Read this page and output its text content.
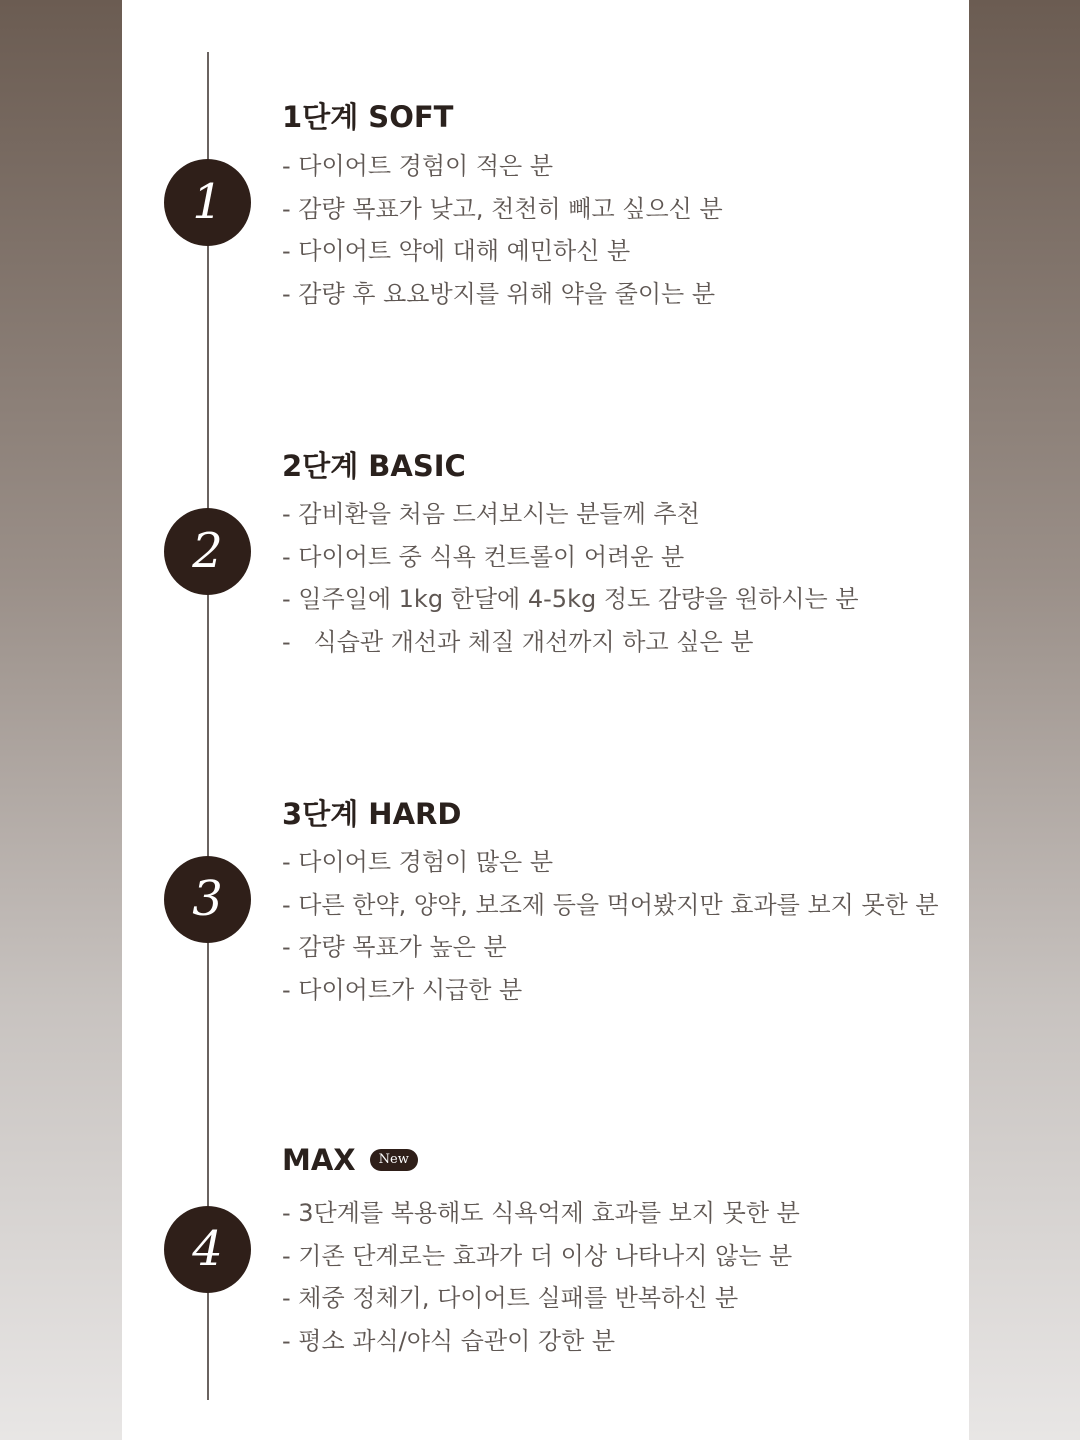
1단계 SOFT
1
- 다이어트 경험이 적은 분
- 감량 목표가 낮고, 천천히 빼고 싶으신 분
- 다이어트 약에 대해 예민하신 분
- 감량 후 요요방지를 위해 약을 줄이는 분
2단계 BASIC
2
- 감비환을 처음 드셔보시는 분들께 추천
- 다이어트 중 식욕 컨트롤이 어려운 분
- 일주일에 1kg 한달에 4-5kg 정도 감량을 원하시는 분
-   식습관 개선과 체질 개선까지 하고 싶은 분
3단계 HARD
3
- 다이어트 경험이 많은 분
- 다른 한약, 양약, 보조제 등을 먹어봤지만 효과를 보지 못한 분
- 감량 목표가 높은 분
- 다이어트가 시급한 분
MAX	New
4
- 3단계를 복용해도 식욕억제 효과를 보지 못한 분
- 기존 단계로는 효과가 더 이상 나타나지 않는 분
- 체중 정체기, 다이어트 실패를 반복하신 분
- 평소 과식/야식 습관이 강한 분
